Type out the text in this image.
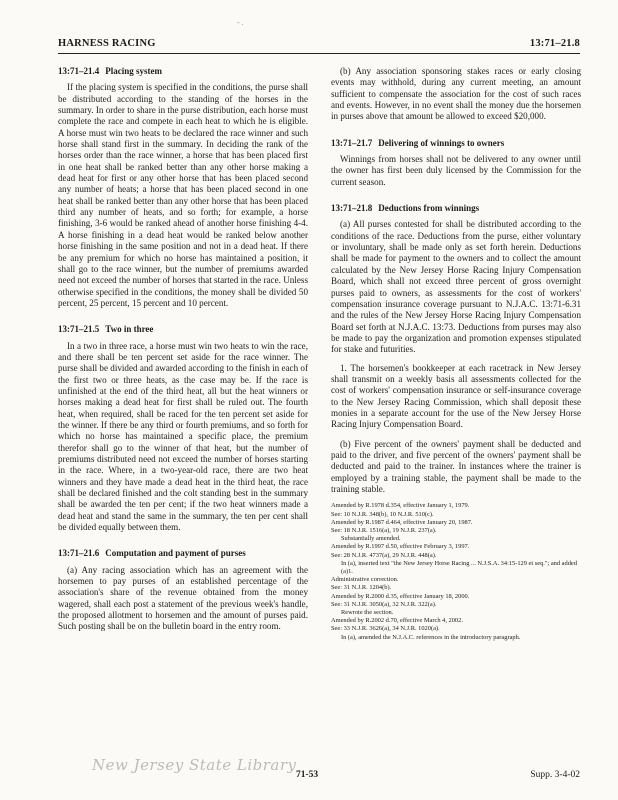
- .
HARNESS RACING	13:71–21.8
13:71–21.4 Placing system

If the placing system is specified in the conditions, the purse shall be distributed according to the standing of the horses in the summary. In order to share in the purse distribution, each horse must complete the race and compete in each heat to which he is eligible. A horse must win two heats to be declared the race winner and such horse shall stand first in the summary. In deciding the rank of the horses order than the race winner, a horse that has been placed first in one heat shall be ranked better than any other horse making a dead heat for first or any other horse that has been placed second any number of heats; a horse that has been placed second in one heat shall be ranked better than any other horse that has been placed third any number of heats, and so forth; for example, a horse finishing, 3-6 would be ranked ahead of another horse finishing 4-4. A horse finishing in a dead heat would be ranked below another horse finishing in the same position and not in a dead heat. If there be any premium for which no horse has maintained a position, it shall go to the race winner, but the number of premiums awarded need not exceed the number of horses that started in the race. Unless otherwise specified in the conditions, the money shall be divided 50 percent, 25 percent, 15 percent and 10 percent.

13:71–21.5 Two in three

In a two in three race, a horse must win two heats to win the race, and there shall be ten percent set aside for the race winner. The purse shall be divided and awarded according to the finish in each of the first two or three heats, as the case may be. If the race is unfinished at the end of the third heat, all but the heat winners or horses making a dead heat for first shall be ruled out. The fourth heat, when required, shall be raced for the ten percent set aside for the winner. If there be any third or fourth premiums, and so forth for which no horse has maintained a specific place, the premium therefor shall go to the winner of that heat, but the number of premiums distributed need not exceed the number of horses starting in the race. Where, in a two-year-old race, there are two heat winners and they have made a dead heat in the third heat, the race shall be declared finished and the colt standing best in the summary shall be awarded the ten per cent; if the two heat winners made a dead heat and stand the same in the summary, the ten per cent shall be divided equally between them.

13:71–21.6 Computation and payment of purses

(a) Any racing association which has an agreement with the horsemen to pay purses of an established percentage of the association's share of the revenue obtained from the money wagered, shall each post a statement of the previous week's handle, the proposed allotment to horsemen and the amount of purses paid. Such posting shall be on the bulletin board in the entry room.

(b) Any association sponsoring stakes races or early closing events may withhold, during any current meeting, an amount sufficient to compensate the association for the cost of such races and events. However, in no event shall the money due the horsemen in purses above that amount be allowed to exceed $20,000.

13:71–21.7 Delivering of winnings to owners

Winnings from horses shall not be delivered to any owner until the owner has first been duly licensed by the Commission for the current season.

13:71–21.8 Deductions from winnings

(a) All purses contested for shall be distributed according to the conditions of the race. Deductions from the purse, either voluntary or involuntary, shall be made only as set forth herein. Deductions shall be made for payment to the owners and to collect the amount calculated by the New Jersey Horse Racing Injury Compensation Board, which shall not exceed three percent of gross overnight purses paid to owners, as assessments for the cost of workers' compensation insurance coverage pursuant to N.J.A.C. 13:71-6.31 and the rules of the New Jersey Horse Racing Injury Compensation Board set forth at N.J.A.C. 13:73. Deductions from purses may also be made to pay the organization and promotion expenses stipulated for stake and futurities.

1. The horsemen's bookkeeper at each racetrack in New Jersey shall transmit on a weekly basis all assessments collected for the cost of workers' compensation insurance or self-insurance coverage to the New Jersey Racing Commission, which shall deposit these monies in a separate account for the use of the New Jersey Horse Racing Injury Compensation Board.

(b) Five percent of the owners' payment shall be deducted and paid to the driver, and five percent of the owners' payment shall be deducted and paid to the trainer. In instances where the trainer is employed by a training stable, the payment shall be made to the training stable.

Amended by R.1978 d.354, effective January 1, 1979.
See: 10 N.J.R. 348(b), 10 N.J.R. 510(c).
Amended by R.1987 d.464, effective January 20, 1987.
See: 18 N.J.R. 1516(a), 19 N.J.R. 237(a).
Substantially amended.
Amended by R.1997 d.50, effective February 3, 1997.
See: 28 N.J.R. 4737(a), 29 N.J.R. 448(a).
In (a), inserted text "the New Jersey Horse Racing ... N.J.S.A. 34:15-129 et seq."; and added (a)1.
Administrative correction.
See: 31 N.J.R. 1204(b).
Amended by R.2000 d.35, effective January 18, 2000.
See: 31 N.J.R. 3050(a), 32 N.J.R. 322(a).
Rewrote the section.
Amended by R.2002 d.70, effective March 4, 2002.
See: 33 N.J.R. 3626(a), 34 N.J.R. 1020(a).
In (a), amended the N.J.A.C. references in the introductory paragraph.
New Jersey State Library
71-53	Supp. 3-4-02
